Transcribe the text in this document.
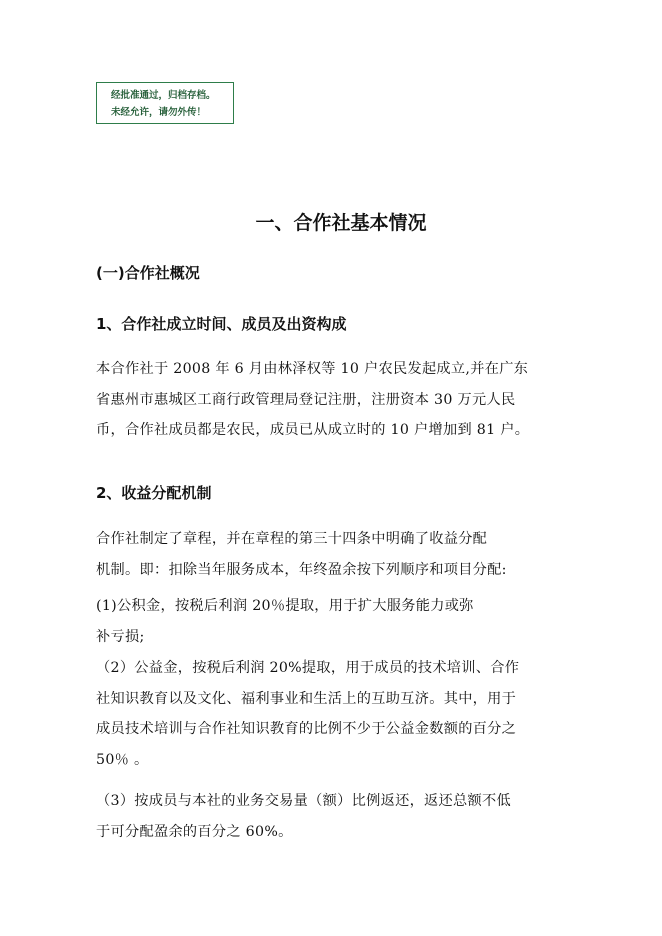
经批准通过，归档存档。
未经允许，请勿外传！
一、合作社基本情况
(一)合作社概况
1、合作社成立时间、成员及出资构成
本合作社于 2008 年 6 月由林泽权等 10 户农民发起成立,并在广东
省惠州市惠城区工商行政管理局登记注册，注册资本 30 万元人民
币，合作社成员都是农民，成员已从成立时的 10 户增加到 81 户。
2、收益分配机制
合作社制定了章程，并在章程的第三十四条中明确了收益分配
机制。即：扣除当年服务成本，年终盈余按下列顺序和项目分配:
(1)公积金，按税后利润 20％提取，用于扩大服务能力或弥
补亏损;
（2）公益金，按税后利润 20%提取，用于成员的技术培训、合作
社知识教育以及文化、福利事业和生活上的互助互济。其中，用于
成员技术培训与合作社知识教育的比例不少于公益金数额的百分之
50％ 。
（3）按成员与本社的业务交易量（额）比例返还，返还总额不低
于可分配盈余的百分之 60%。
